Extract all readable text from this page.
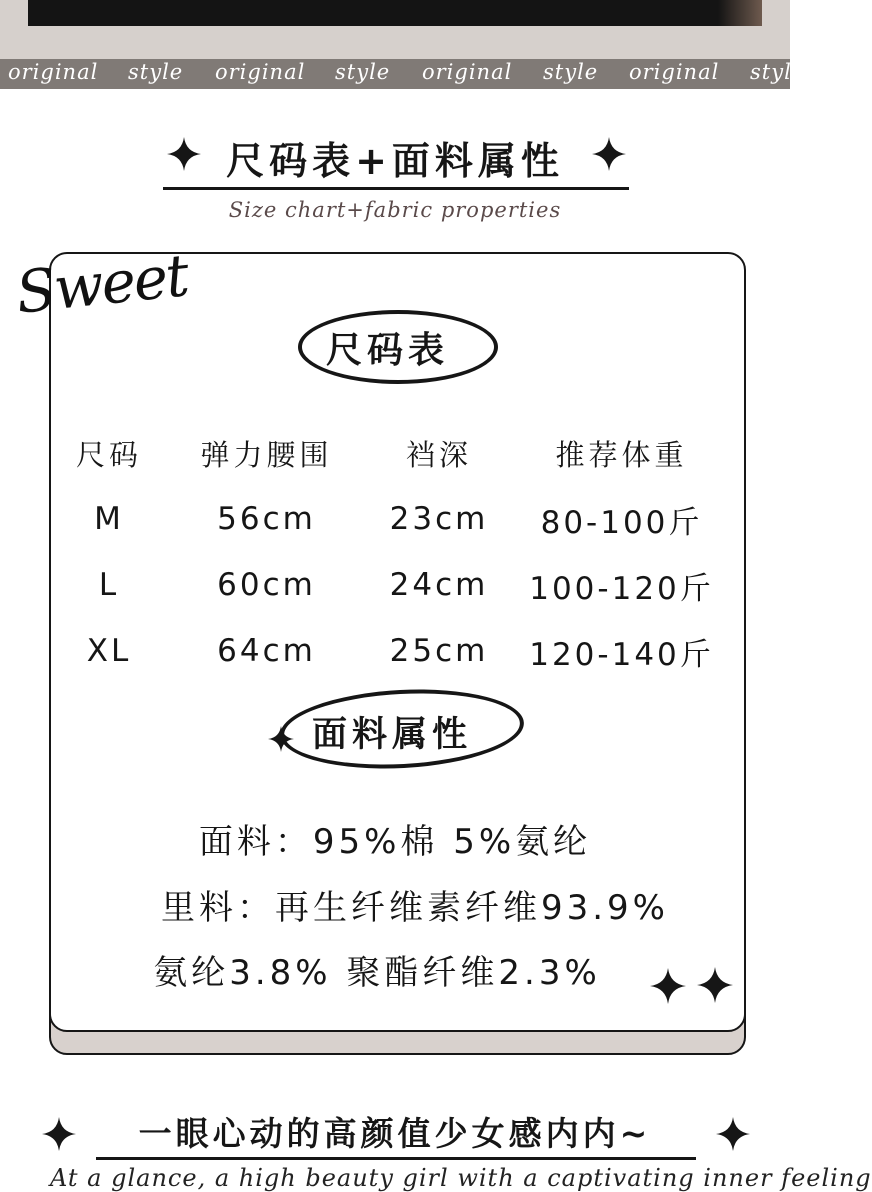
original style original style original style original style
尺码表+面料属性
Size chart+fabric properties
Sweet
尺码表
尺码	弹力腰围	裆深	推荐体重
M	56cm	23cm	80-100斤
L	60cm	24cm	100-120斤
XL	64cm	25cm	120-140斤
面料属性
面料：95%棉 5%氨纶
里料：再生纤维素纤维93.9%
氨纶3.8% 聚酯纤维2.3%
一眼心动的高颜值少女感内内~
At a glance, a high beauty girl with a captivating inner feeling
